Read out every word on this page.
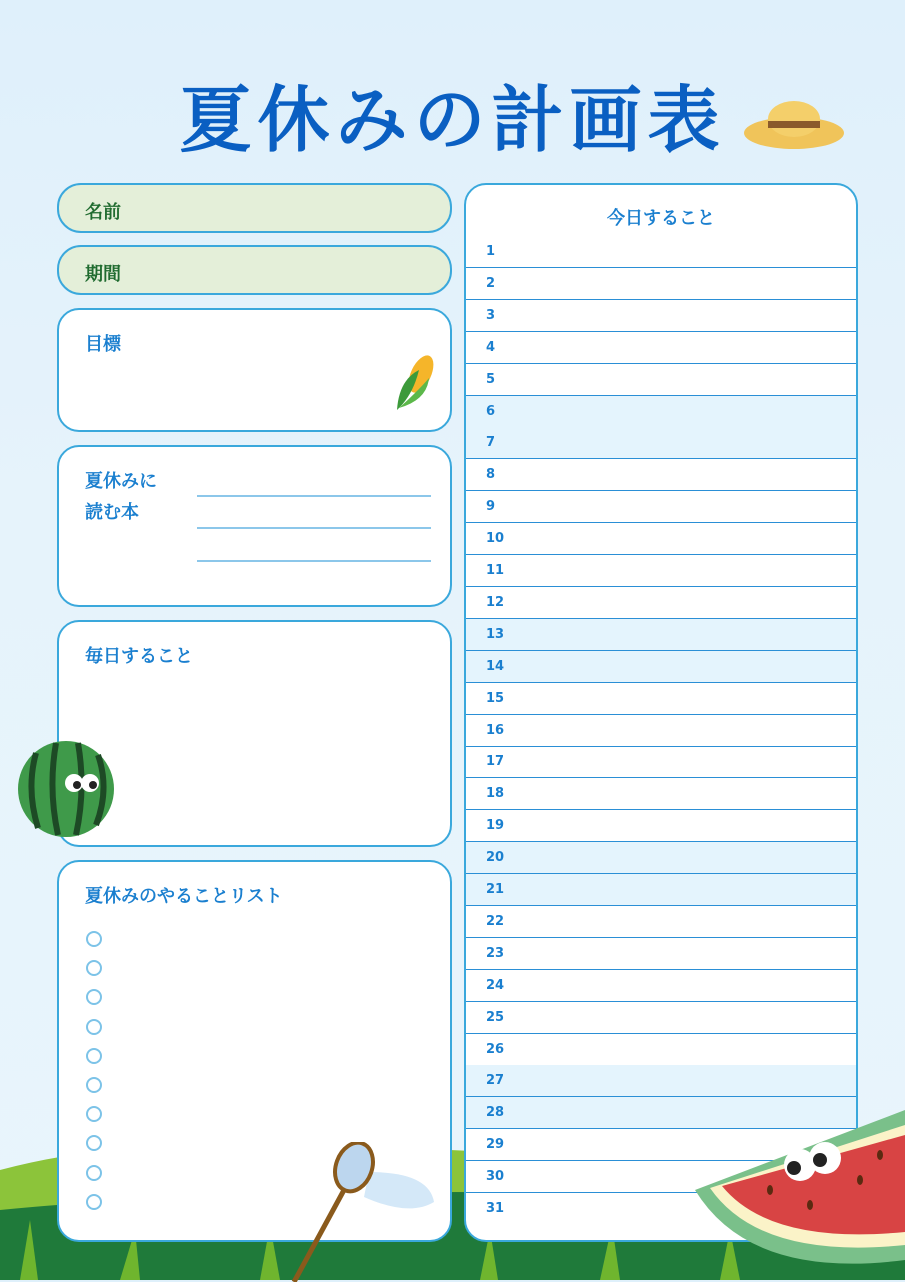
夏休みの計画表
名前
期間
目標
夏休みに
読む本
毎日すること
夏休みのやることリスト
今日すること
1
2
3
4
5
6
7
8
9
10
11
12
13
14
15
16
17
18
19
20
21
22
23
24
25
26
27
28
29
30
31
